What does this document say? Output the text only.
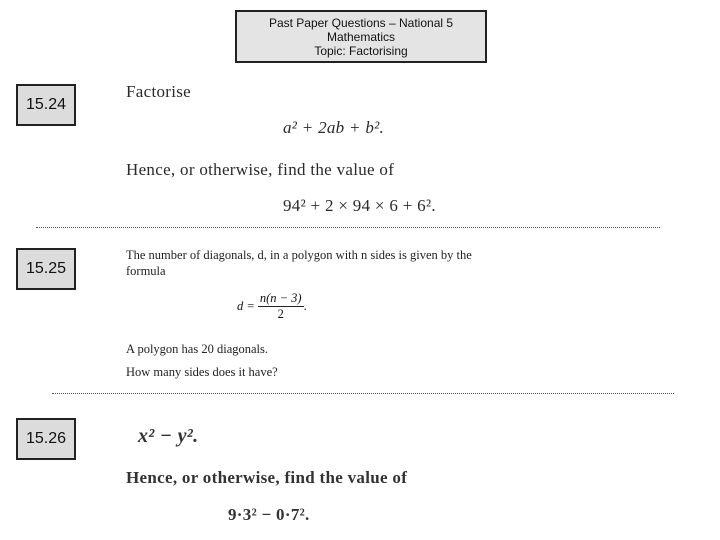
Past Paper Questions – National 5
Mathematics
Topic: Factorising
15.24
Factorise
a² + 2ab + b².
Hence, or otherwise, find the value of
94² + 2 × 94 × 6 + 6².
15.25
The number of diagonals, d, in a polygon with n sides is given by the
formula
$d = \frac{n(n - 3)}{2}$ .
A polygon has 20 diagonals.
How many sides does it have?
15.26	x² − y².
Hence, or otherwise, find the value of
9·3² − 0·7².
